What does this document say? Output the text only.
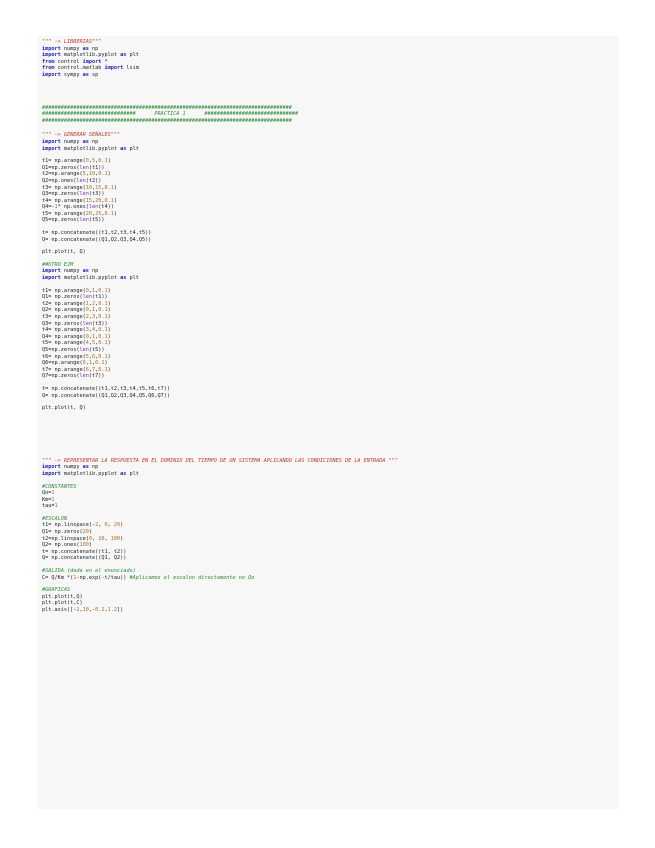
""" -> LIBRERIAS"""
import numpy as np
import matplotlib.pyplot as plt
from control import *
from control.matlab import lsim
import sympy as sp
################################################################################
##############################      PRACTICA 1      ##############################
################################################################################
""" -> GENERAR SEÑALES"""
import numpy as np
import matplotlib.pyplot as plt
t1= np.arange(0,5,0.1)
Q1=np.zeros(len(t1))
t2=np.arange(5,10,0.1)
Q2=np.ones(len(t2))
t3= np.arange(10,15,0.1)
Q3=np.zeros(len(t3))
t4= np.arange(15,20,0.1)
Q4=-1* np.ones(len(t4))
t5= np.arange(20,25,0.1)
Q5=np.zeros(len(t5))
t= np.concatenate((t1,t2,t3,t4,t5))
Q= np.concatenate((Q1,Q2,Q3,Q4,Q5))
plt.plot(t, Q)
##OTRO EJM
import numpy as np
import matplotlib.pyplot as plt
t1= np.arange(0,1,0.1)
Q1= np.zeros(len(t1))
t2= np.arange(1,2,0.1)
Q2= np.arange(0,1,0.1)
t3= np.arange(2,3,0.1)
Q3= np.zeros(len(t3))
t4= np.arange(3,4,0.1)
Q4= np.arange(0,1,0.1)
t5= np.arange(4,5,0.1)
Q5=np.zeros(len(t5))
t6= np.arange(5,6,0.1)
Q6=np.arange(0,1,0.1)
t7= np.arange(6,7,0.1)
Q7=np.zeros(len(t7))
t= np.concatenate((t1,t2,t3,t4,t5,t6,t7))
Q= np.concatenate((Q1,Q2,Q3,Q4,Q5,Q6,Q7))
plt.plot(t, Q)
""" -> REPRESENTAR LA RESPUESTA EN EL DOMINIO DEL TIEMPO DE UN SISTEMA APLICANDO LAS CONDICIONES DE LA ENTRADA """
import numpy as np
import matplotlib.pyplot as plt
#CONSTANTES
Qo=1
Km=1
tau=1
#ESCALON
t1= np.linspace(-2, 0, 20)
Q1= np.zeros(20)
t2=np.linspace(0, 10, 100)
Q2= np.ones(100)
t= np.concatenate((t1, t2))
Q= np.concatenate((Q1, Q2))
#SALIDA (dada en el enunciado)
C= Q/Km *(1-np.exp(-t/tau)) #Aplicamos el escalon directamente no Qo
#GRAFICAS
plt.plot(t,Q)
plt.plot(t,C)
plt.axis([-2,10,-0.2,1.2])
